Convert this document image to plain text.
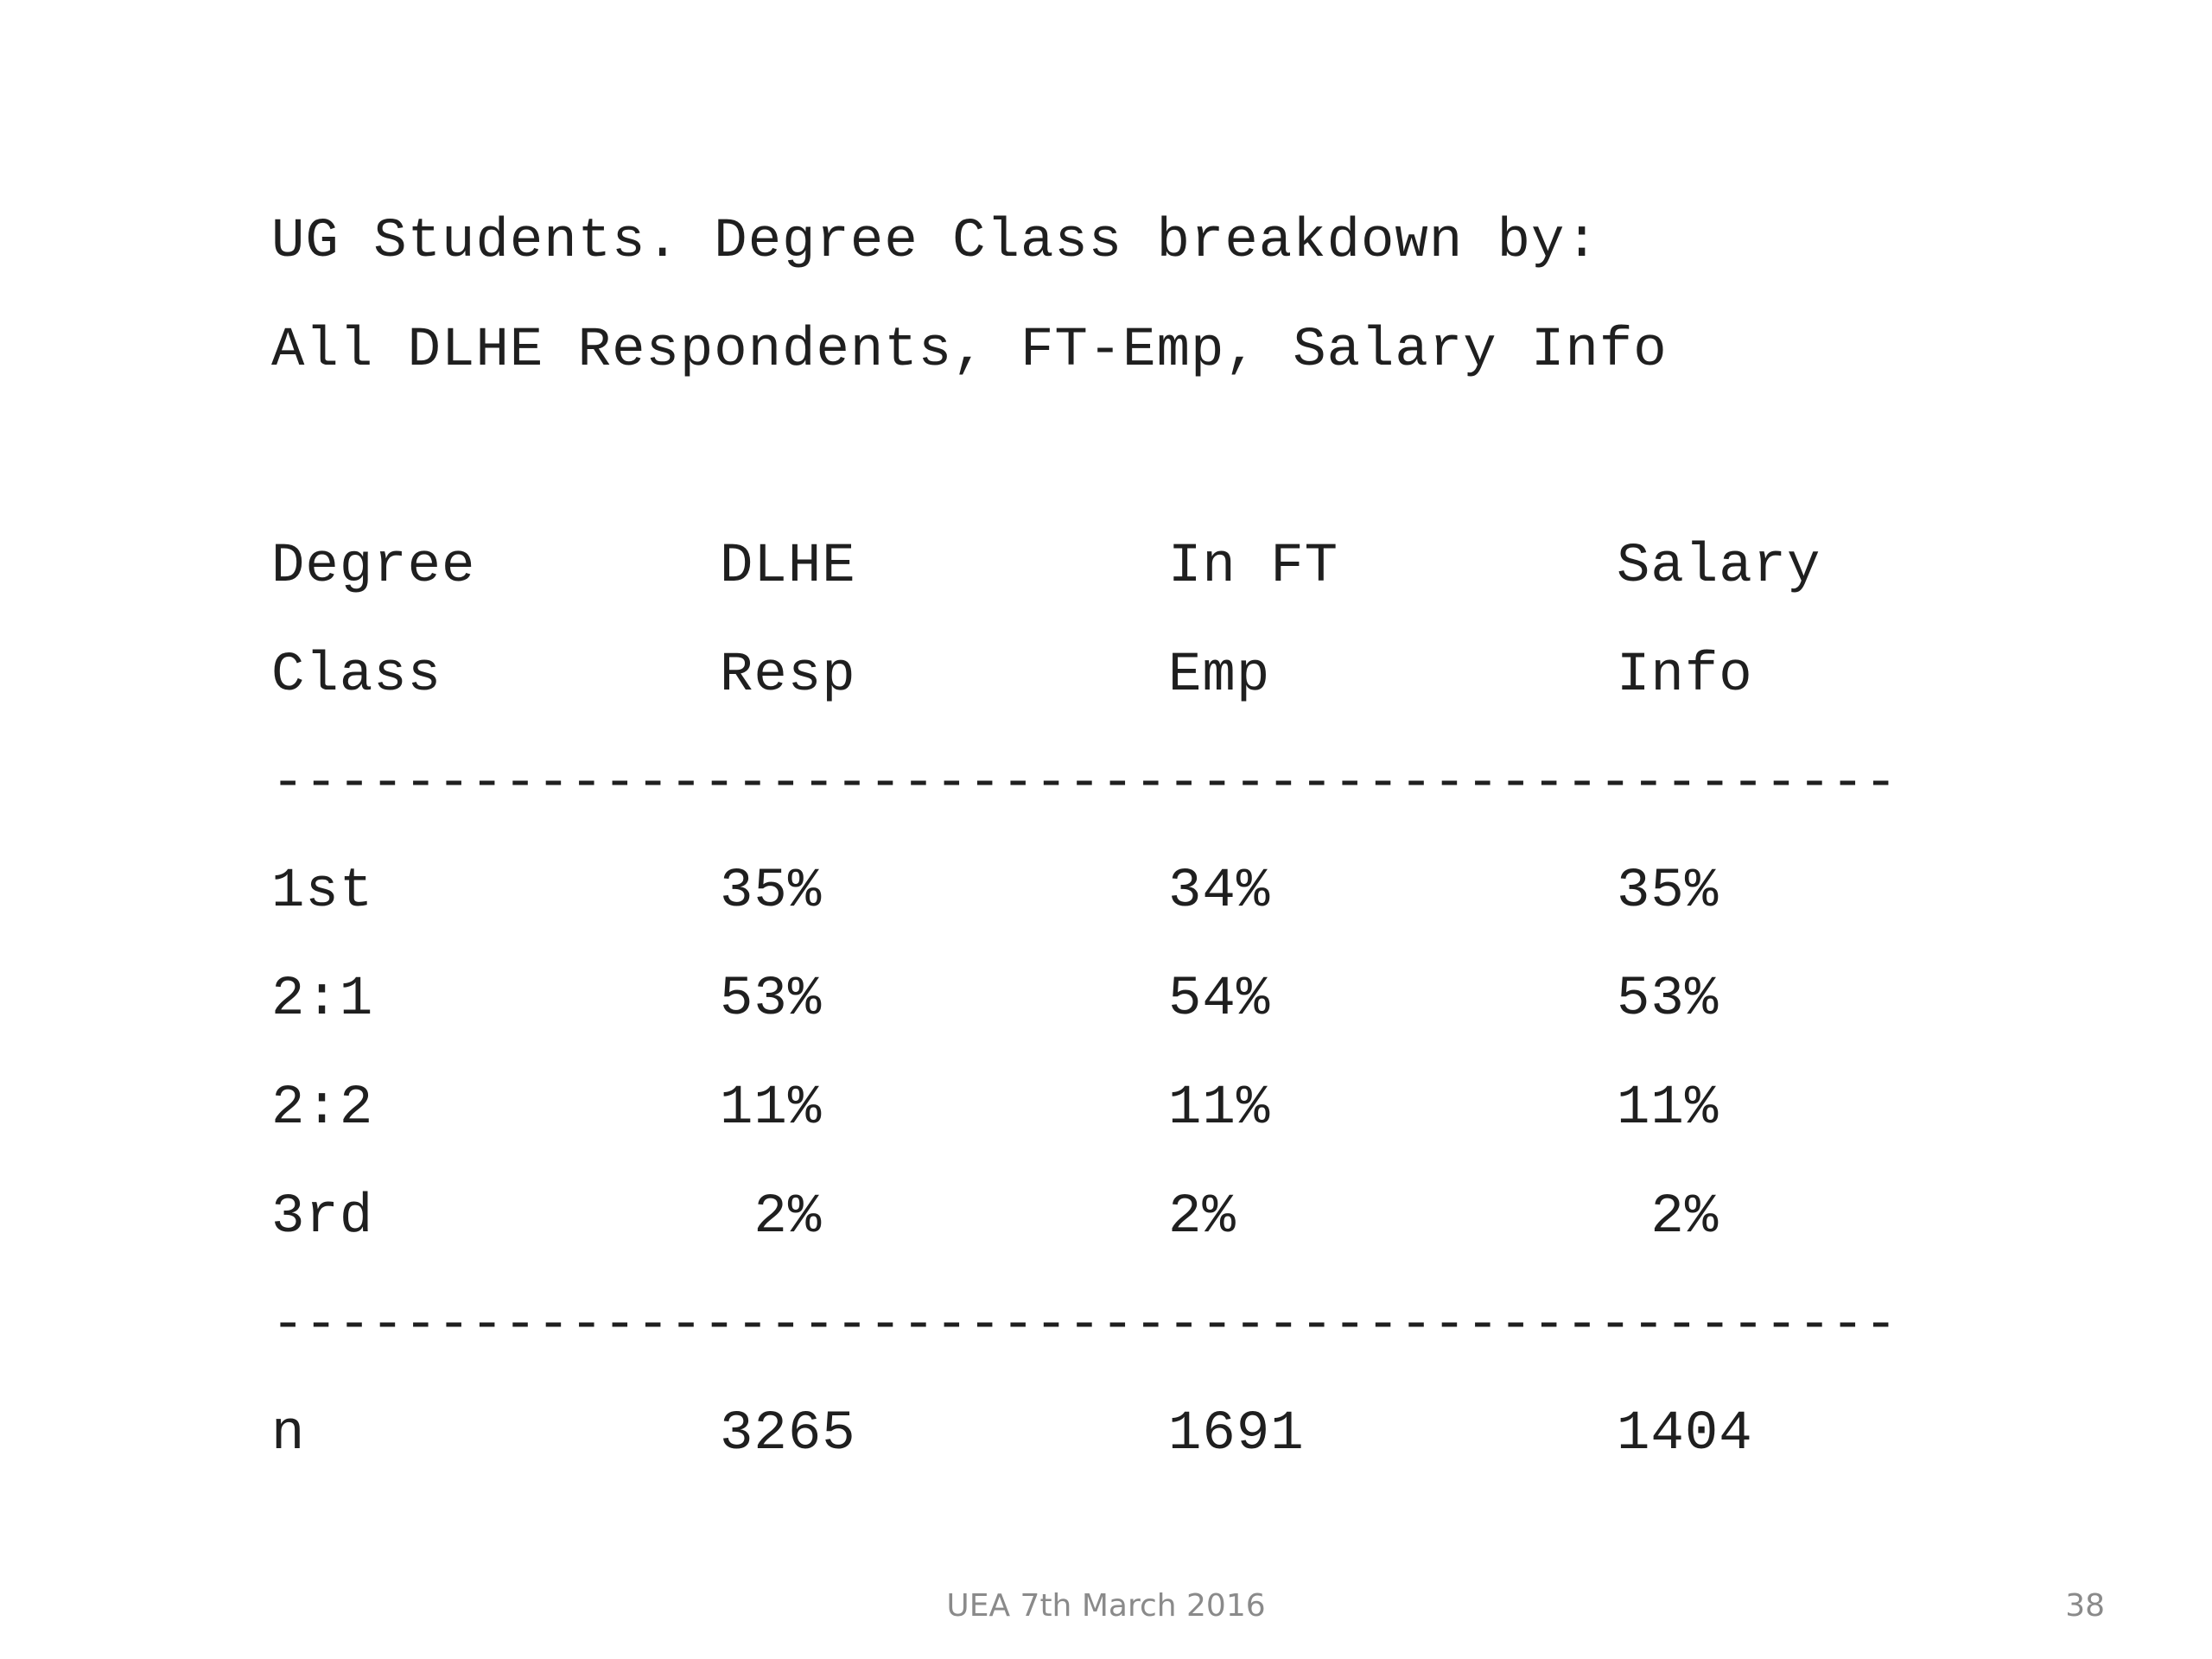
UG Students. Degree Class breakdown by:
All DLHE Respondents, FT-Emp, Salary Info
Degree	DLHE	In FT	Salary
Class	Resp	Emp	Info
-------------------------------------------------
1st	35%	34%	35%
2:1	53%	54%	53%
2:2	11%	11%	11%
3rd	2%	2%	2%
-------------------------------------------------
n	3265	1691	1404
UEA 7th March 2016	38
